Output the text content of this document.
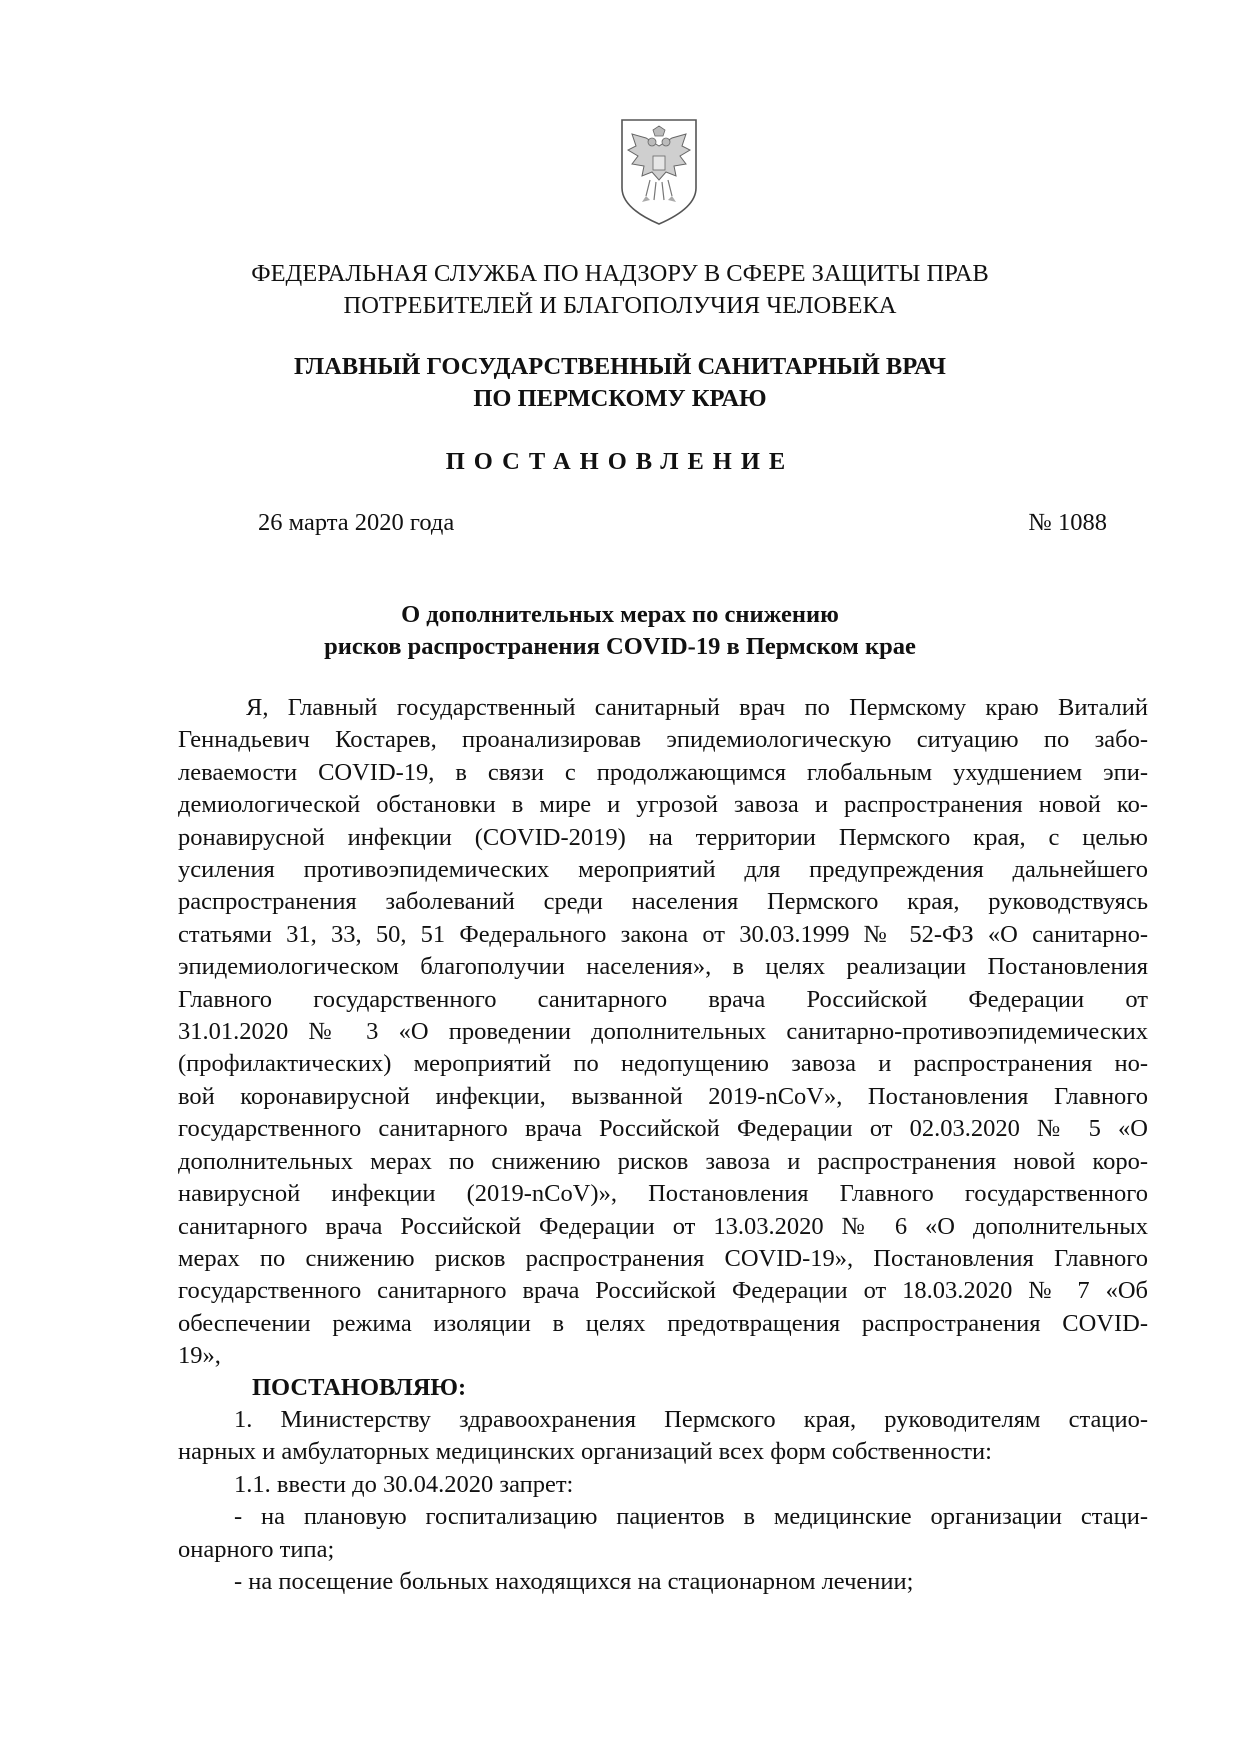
ФЕДЕРАЛЬНАЯ СЛУЖБА ПО НАДЗОРУ В СФЕРЕ ЗАЩИТЫ ПРАВ
ПОТРЕБИТЕЛЕЙ И БЛАГОПОЛУЧИЯ ЧЕЛОВЕКА
ГЛАВНЫЙ ГОСУДАРСТВЕННЫЙ САНИТАРНЫЙ ВРАЧ
ПО ПЕРМСКОМУ КРАЮ
ПОСТАНОВЛЕНИЕ
26 марта 2020 года	№ 1088
О дополнительных мерах по снижению
рисков распространения COVID-19 в Пермском крае
Я, Главный государственный санитарный врач по Пермскому краю Виталий
Геннадьевич Костарев, проанализировав эпидемиологическую ситуацию по забо-
леваемости COVID-19, в связи с продолжающимся глобальным ухудшением эпи-
демиологической обстановки в мире и угрозой завоза и распространения новой ко-
ронавирусной инфекции (COVID-2019) на территории Пермского края, с целью
усиления противоэпидемических мероприятий для предупреждения дальнейшего
распространения заболеваний среди населения Пермского края, руководствуясь
статьями 31, 33, 50, 51 Федерального закона от 30.03.1999 № 52-ФЗ «О санитарно-
эпидемиологическом благополучии населения», в целях реализации Постановления
Главного государственного санитарного врача Российской Федерации от
31.01.2020 № 3 «О проведении дополнительных санитарно-противоэпидемических
(профилактических) мероприятий по недопущению завоза и распространения но-
вой коронавирусной инфекции, вызванной 2019-nCoV», Постановления Главного
государственного санитарного врача Российской Федерации от 02.03.2020 № 5 «О
дополнительных мерах по снижению рисков завоза и распространения новой коро-
навирусной инфекции (2019-nCoV)», Постановления Главного государственного
санитарного врача Российской Федерации от 13.03.2020 № 6 «О дополнительных
мерах по снижению рисков распространения COVID-19», Постановления Главного
государственного санитарного врача Российской Федерации от 18.03.2020 № 7 «Об
обеспечении режима изоляции в целях предотвращения распространения COVID-
19»,
ПОСТАНОВЛЯЮ:
1. Министерству здравоохранения Пермского края, руководителям стацио-
нарных и амбулаторных медицинских организаций всех форм собственности:
1.1. ввести до 30.04.2020 запрет:
- на плановую госпитализацию пациентов в медицинские организации стаци-
онарного типа;
- на посещение больных находящихся на стационарном лечении;
